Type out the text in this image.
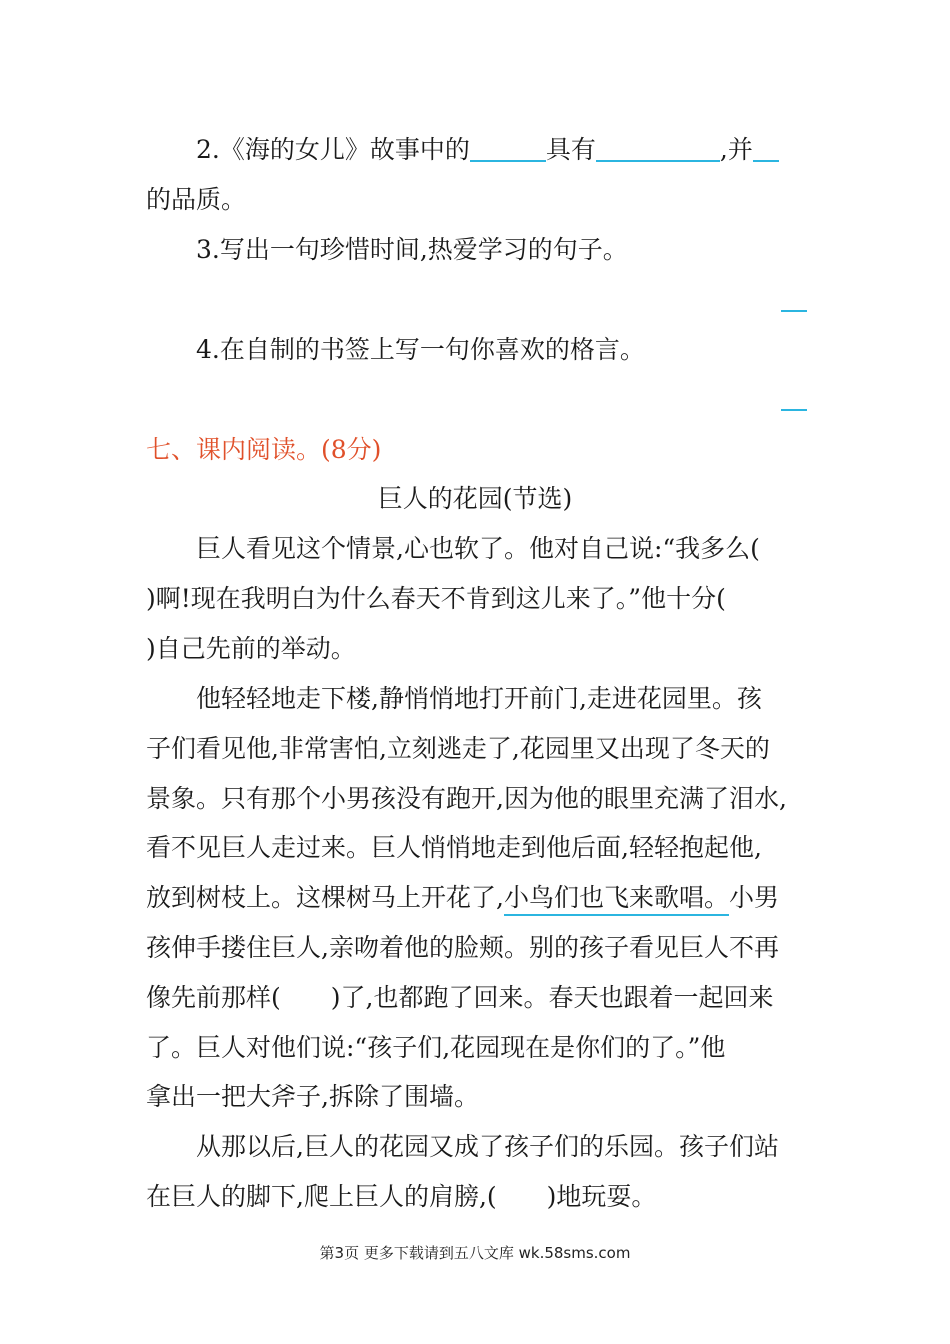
2.《海的女儿》故事中的	具有	,并
的品质。
3.写出一句珍惜时间,热爱学习的句子。
4.在自制的书签上写一句你喜欢的格言。
七、课内阅读。(8分)
巨人的花园(节选)
巨人看见这个情景,心也软了。他对自己说:“我多么(
)啊!现在我明白为什么春天不肯到这儿来了。”他十分(
)自己先前的举动。
他轻轻地走下楼,静悄悄地打开前门,走进花园里。孩
子们看见他,非常害怕,立刻逃走了,花园里又出现了冬天的
景象。只有那个小男孩没有跑开,因为他的眼里充满了泪水,
看不见巨人走过来。巨人悄悄地走到他后面,轻轻抱起他,
放到树枝上。这棵树马上开花了,小鸟们也飞来歌唱。小男
孩伸手搂住巨人,亲吻着他的脸颊。别的孩子看见巨人不再
像先前那样(　　)了,也都跑了回来。春天也跟着一起回来
了。巨人对他们说:“孩子们,花园现在是你们的了。”他
拿出一把大斧子,拆除了围墙。
从那以后,巨人的花园又成了孩子们的乐园。孩子们站
在巨人的脚下,爬上巨人的肩膀,(　　)地玩耍。
第3页 更多下载请到五八文库 wk.58sms.com
